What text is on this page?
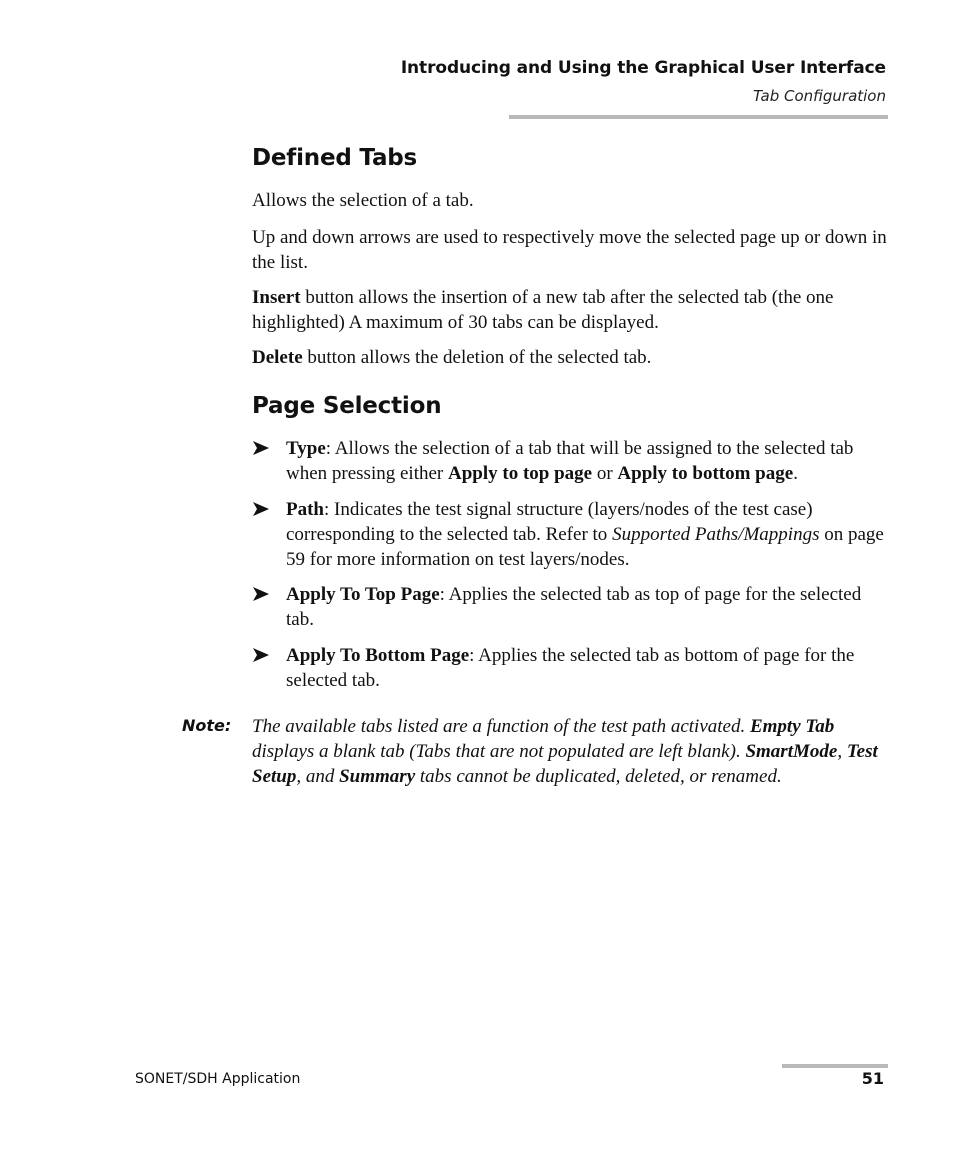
Introducing and Using the Graphical User Interface
Tab Configuration
Defined Tabs
Allows the selection of a tab.
Up and down arrows are used to respectively move the selected page up or down in the list.
Insert button allows the insertion of a new tab after the selected tab (the one highlighted) A maximum of 30 tabs can be displayed.
Delete button allows the deletion of the selected tab.
Page Selection
Type: Allows the selection of a tab that will be assigned to the selected tab when pressing either Apply to top page or Apply to bottom page.
Path: Indicates the test signal structure (layers/nodes of the test case) corresponding to the selected tab. Refer to Supported Paths/Mappings on page 59 for more information on test layers/nodes.
Apply To Top Page: Applies the selected tab as top of page for the selected tab.
Apply To Bottom Page: Applies the selected tab as bottom of page for the selected tab.
Note: The available tabs listed are a function of the test path activated. Empty Tab displays a blank tab (Tabs that are not populated are left blank). SmartMode, Test Setup, and Summary tabs cannot be duplicated, deleted, or renamed.
SONET/SDH Application	51
